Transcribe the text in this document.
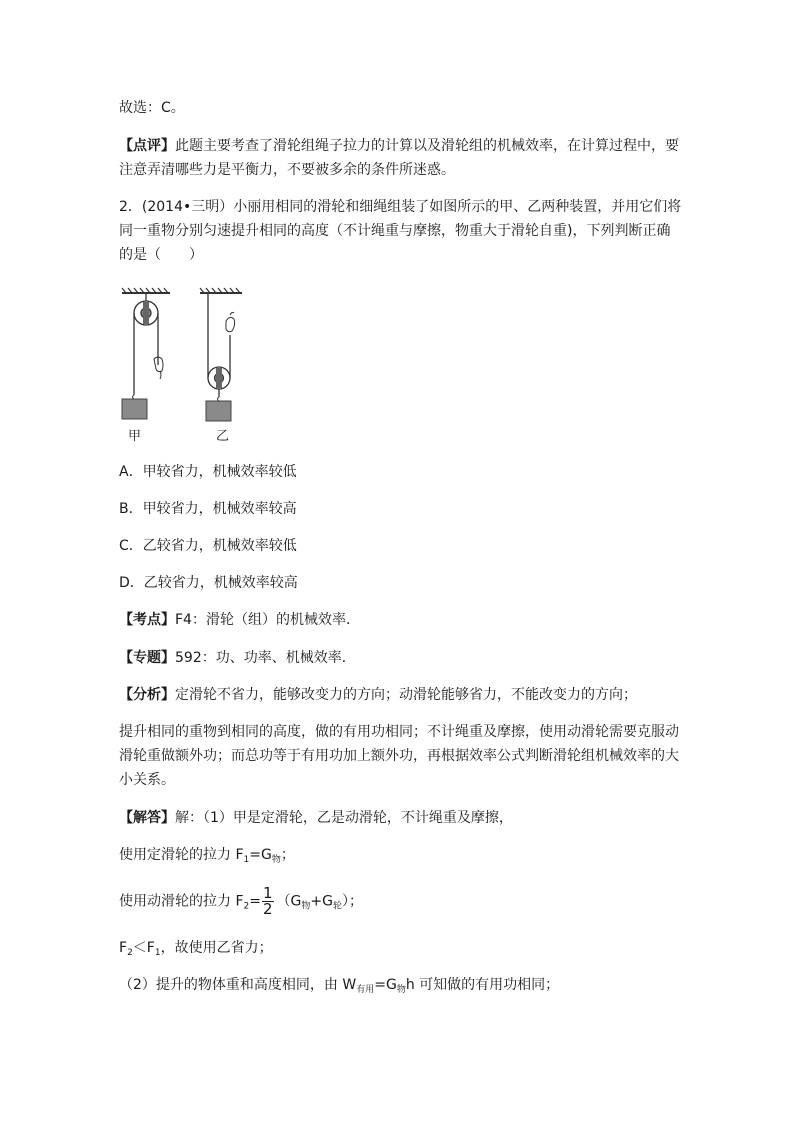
故选：C。
【点评】此题主要考查了滑轮组绳子拉力的计算以及滑轮组的机械效率，在计算过程中，要
注意弄清哪些力是平衡力，不要被多余的条件所迷惑。
2．(2014•三明）小丽用相同的滑轮和细绳组装了如图所示的甲、乙两种装置，并用它们将
同一重物分别匀速提升相同的高度（不计绳重与摩擦，物重大于滑轮自重)，下列判断正确
的是（　　）
甲	乙
A．甲较省力，机械效率较低
B．甲较省力，机械效率较高
C．乙较省力，机械效率较低
D．乙较省力，机械效率较高
【考点】F4：滑轮（组）的机械效率．
【专题】592：功、功率、机械效率．
【分析】定滑轮不省力，能够改变力的方向；动滑轮能够省力，不能改变力的方向；
提升相同的重物到相同的高度，做的有用功相同；不计绳重及摩擦，使用动滑轮需要克服动
滑轮重做额外功；而总功等于有用功加上额外功，再根据效率公式判断滑轮组机械效率的大
小关系。
【解答】解：（1）甲是定滑轮，乙是动滑轮，不计绳重及摩擦，
使用定滑轮的拉力 $F_1=G_物$；
使用动滑轮的拉力 $F_2= \frac{1}{2} (G_物+G_轮)$；
$F_2<F_1$，故使用乙省力；
（2）提升的物体重和高度相同，由 $W_{有用}=G_物h$ 可知做的有用功相同；
